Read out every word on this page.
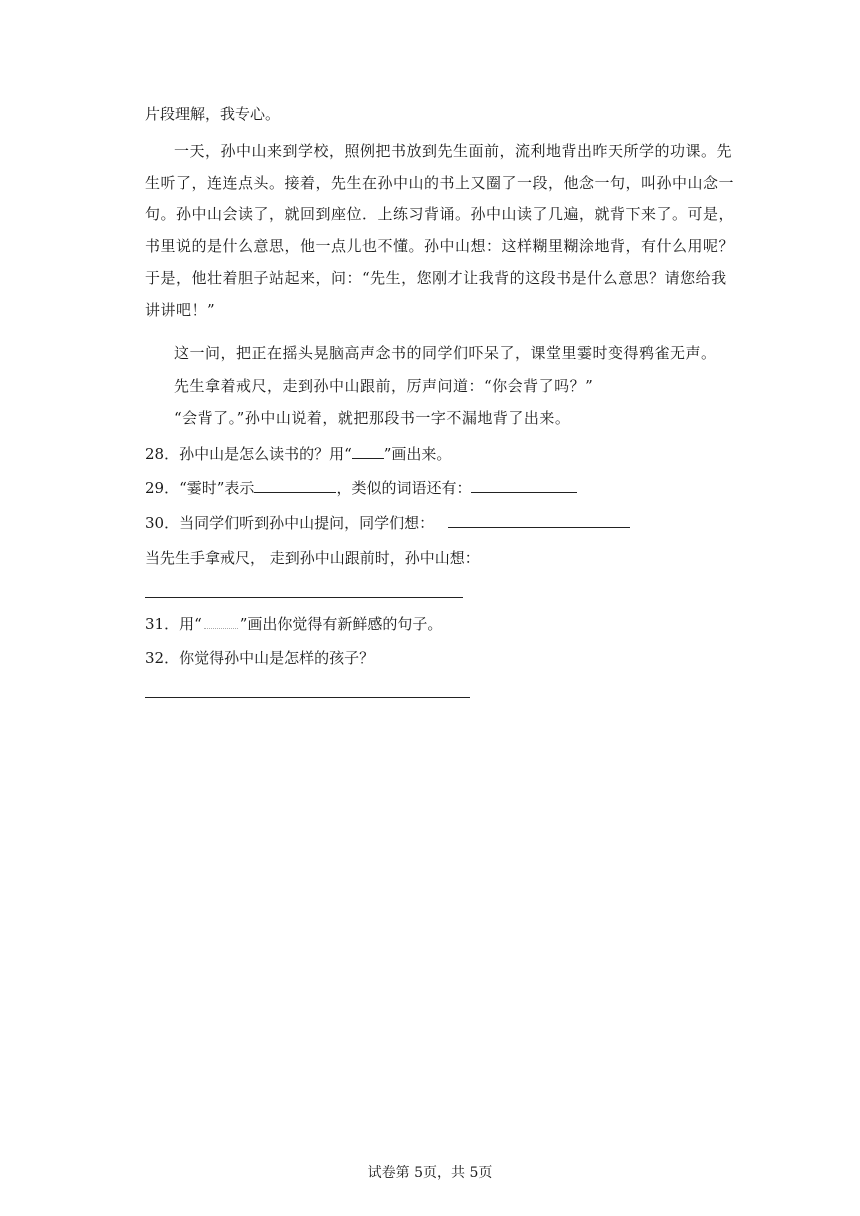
片段理解，我专心。
一天，孙中山来到学校，照例把书放到先生面前，流利地背出昨天所学的功课。先
生听了，连连点头。接着，先生在孙中山的书上又圈了一段，他念一句，叫孙中山念一
句。孙中山会读了，就回到座位．上练习背诵。孙中山读了几遍，就背下来了。可是，
书里说的是什么意思，他一点儿也不懂。孙中山想：这样糊里糊涂地背，有什么用呢？
于是，他壮着胆子站起来，问：“先生，您刚才让我背的这段书是什么意思？请您给我
讲讲吧！”
这一问，把正在摇头晃脑高声念书的同学们吓呆了，课堂里霎时变得鸦雀无声。
先生拿着戒尺，走到孙中山跟前，厉声问道：“你会背了吗？”
“会背了。”孙中山说着，就把那段书一字不漏地背了出来。
28．孙中山是怎么读书的？用“ ”画出来。
29．“霎时”表示	，类似的词语还有：
30．当同学们听到孙中山提问，同学们想：
当先生手拿戒尺， 走到孙中山跟前时，孙中山想：
31．用“	”画出你觉得有新鲜感的句子。
32．你觉得孙中山是怎样的孩子？
试卷第 5页，共 5页
